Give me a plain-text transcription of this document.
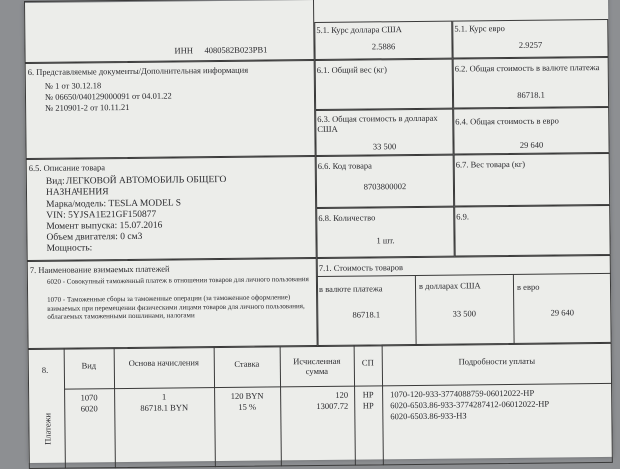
ИНН 4080582B023PB1
5.1. Курс доллара США
2.5886
5.1. Курс евро
2.9257
6. Представляемые документы/Дополнительная информация
№ 1 от 30.12.18
№ 06650/040129000091 от 04.01.22
№ 210901-2 от 10.11.21
6.1. Общий вес (кг)	6.2. Общая стоимость в валюте платежа
86718.1
6.3. Общая стоимость в долларах США
33 500
6.4. Общая стоимость в евро
29 640
6.5. Описание товара
Вид: ЛЕГКОВОЙ АВТОМОБИЛЬ ОБЩЕГО
НАЗНАЧЕНИЯ
Марка/модель: TESLA MODEL S
VIN: 5YJSA1E21GF150877
Момент выпуска: 15.07.2016
Объем двигателя: 0 см3
Мощность:
6.6. Код товара
8703800002
6.7. Вес товара (кг)
6.8. Количество
1 шт.
6.9.
7. Наименование взимаемых платежей
6020 - Совокупный таможенный платеж в отношении товаров для личного пользования
1070 - Таможенные сборы за таможенные операции (за таможенное оформление) взимаемых при перемещении физическими лицами товаров для личного пользования, облагаемых таможенными пошлинами, налогами
7.1. Стоимость товаров
в валюте платежа
86718.1
в долларах США
33 500
в евро
29 640
8.
Платежи
Вид	Основа начисления	Ставка	Исчисленная сумма
СП	Подробности уплаты
1070	1	120 BYN	120	НР	1070-120-933-3774088759-06012022-НР
6020	86718.1 BYN	15 %	13007.72	НР	6020-6503.86-933-3774287412-06012022-НР
6020-6503.86-933-НЗ
